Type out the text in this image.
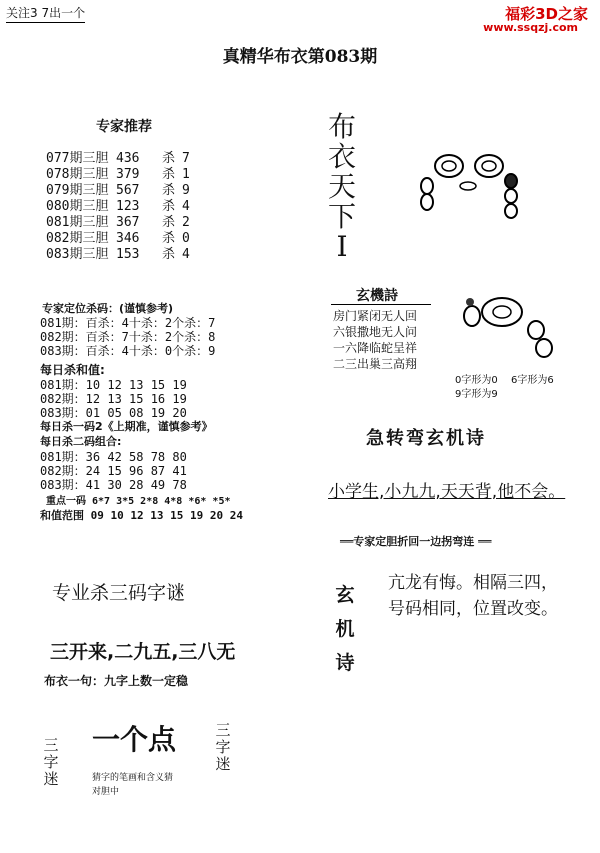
关注3 7出一个	福彩3D之家
www.ssqzj.com
真精华布衣第083期
专家推荐
077期三胆 436 杀 7
078期三胆 379 杀 1
079期三胆 567 杀 9
080期三胆 123 杀 4
081期三胆 367 杀 2
082期三胆 346 杀 0
083期三胆 153 杀 4
专家定位杀码：(谨慎参考)
081期：百杀：4十杀：2个杀：7
082期：百杀：7十杀：2个杀：8
083期：百杀：4十杀：0个杀：9
每日杀和值:
081期：10 12 13 15 19
082期：12 13 15 16 19
083期：01 05 08 19 20
每日杀一码2《上期准，谨慎参考》
每日杀二码组合:
081期：36 42 58 78 80
082期：24 15 96 87 41
083期：41 30 28 49 78
重点一码 6*7 3*5 2*8 4*8 *6* *5*
和值范围 09 10 12 13 15 19 20 24
专业杀三码字谜
三开来,二九五,三八无
布衣一句：九字上数一定稳
三
字
迷
一个点
猜字的笔画和含义猜
对胆中
三
字
迷
布
衣
天
下
I
玄機詩
房门紧闭无人回
六银撒地无人问
一六降临蛇呈祥
二三出巢三高翔
0字形为0 6字形为6
9字形为9
急转弯玄机诗
小学生,小九九,天天背,他不会。
══专家定胆折回一边拐弯连 ══
玄
机
诗
亢龙有悔。相隔三四，
号码相同，位置改变。
